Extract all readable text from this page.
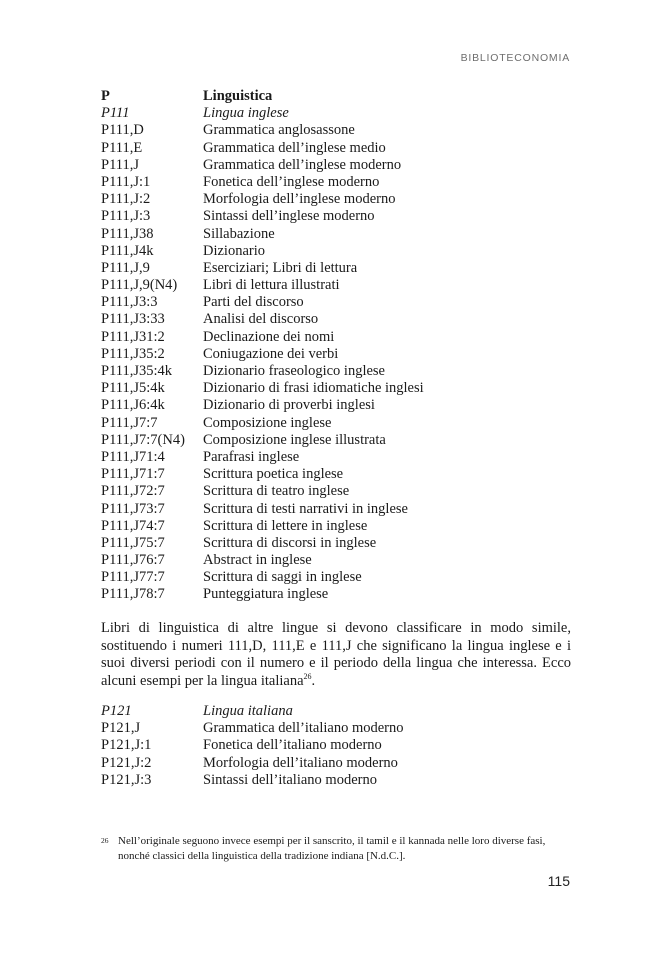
BIBLIOTECONOMIA
P	Linguistica
P111	Lingua inglese
P111,D	Grammatica anglosassone
P111,E	Grammatica dell’inglese medio
P111,J	Grammatica dell’inglese moderno
P111,J:1	Fonetica dell’inglese moderno
P111,J:2	Morfologia dell’inglese moderno
P111,J:3	Sintassi dell’inglese moderno
P111,J38	Sillabazione
P111,J4k	Dizionario
P111,J,9	Eserciziari; Libri di lettura
P111,J,9(N4)	Libri di lettura illustrati
P111,J3:3	Parti del discorso
P111,J3:33	Analisi del discorso
P111,J31:2	Declinazione dei nomi
P111,J35:2	Coniugazione dei verbi
P111,J35:4k	Dizionario fraseologico inglese
P111,J5:4k	Dizionario di frasi idiomatiche inglesi
P111,J6:4k	Dizionario di proverbi inglesi
P111,J7:7	Composizione inglese
P111,J7:7(N4)	Composizione inglese illustrata
P111,J71:4	Parafrasi inglese
P111,J71:7	Scrittura poetica inglese
P111,J72:7	Scrittura di teatro inglese
P111,J73:7	Scrittura di testi narrativi in inglese
P111,J74:7	Scrittura di lettere in inglese
P111,J75:7	Scrittura di discorsi in inglese
P111,J76:7	Abstract in inglese
P111,J77:7	Scrittura di saggi in inglese
P111,J78:7	Punteggiatura inglese

Libri di linguistica di altre lingue si devono classificare in modo simile, sostituendo i numeri 111,D, 111,E e 111,J che significano la lingua inglese e i suoi diversi periodi con il numero e il periodo della lingua che interessa. Ecco alcuni esempi per la lingua italiana$^{26}$.

P121	Lingua italiana
P121,J	Grammatica dell’italiano moderno
P121,J:1	Fonetica dell’italiano moderno
P121,J:2	Morfologia dell’italiano moderno
P121,J:3	Sintassi dell’italiano moderno
26 Nell’originale seguono invece esempi per il sanscrito, il tamil e il kannada nelle loro diverse fasi, nonché classici della linguistica della tradizione indiana [N.d.C.].
115
